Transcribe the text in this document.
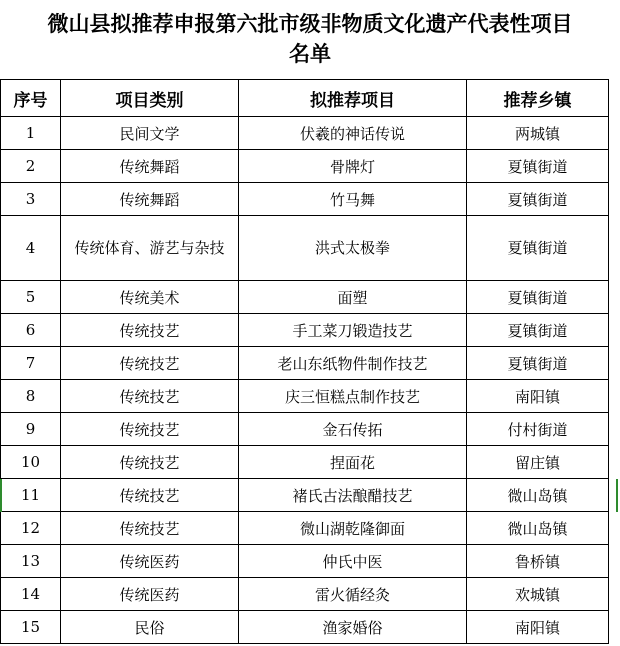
微山县拟推荐申报第六批市级非物质文化遗产代表性项目
名单
序号	项目类别	拟推荐项目	推荐乡镇
1	民间文学	伏羲的神话传说	两城镇
2	传统舞蹈	骨牌灯	夏镇街道
3	传统舞蹈	竹马舞	夏镇街道
4	传统体育、游艺与杂技	洪式太极拳	夏镇街道
5	传统美术	面塑	夏镇街道
6	传统技艺	手工菜刀锻造技艺	夏镇街道
7	传统技艺	老山东纸物件制作技艺	夏镇街道
8	传统技艺	庆三恒糕点制作技艺	南阳镇
9	传统技艺	金石传拓	付村街道
10	传统技艺	捏面花	留庄镇
11	传统技艺	褚氏古法酿醋技艺	微山岛镇
12	传统技艺	微山湖乾隆御面	微山岛镇
13	传统医药	仲氏中医	鲁桥镇
14	传统医药	雷火循经灸	欢城镇
15	民俗	渔家婚俗	南阳镇
